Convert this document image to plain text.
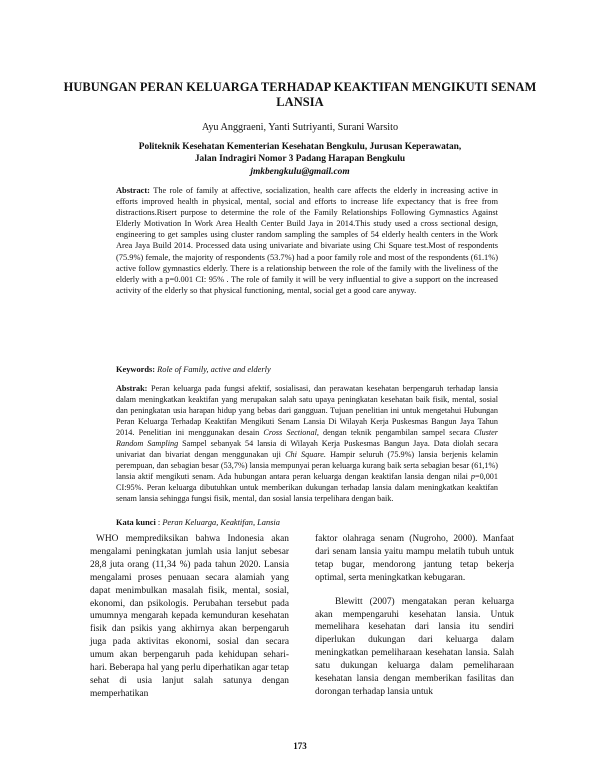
HUBUNGAN PERAN KELUARGA TERHADAP KEAKTIFAN MENGIKUTI SENAM LANSIA
Ayu Anggraeni, Yanti Sutriyanti, Surani Warsito
Politeknik Kesehatan Kementerian Kesehatan Bengkulu, Jurusan Keperawatan,
Jalan Indragiri Nomor 3 Padang Harapan Bengkulu
jmkbengkulu@gmail.com

Abstract: The role of family at affective, socialization, health care affects the elderly in increasing active in efforts improved health in physical, mental, social and efforts to increase life expectancy that is free from distractions.Risert purpose to determine the role of the Family Relationships Following Gymnastics Against Elderly Motivation In Work Area Health Center Build Jaya in 2014.This study used a cross sectional design, engineering to get samples using cluster random sampling the samples of 54 elderly health centers in the Work Area Jaya Build 2014. Processed data using univariate and bivariate using Chi Square test.Most of respondents (75.9%) female, the majority of respondents (53.7%) had a poor family role and most of the respondents (61.1%) active follow gymnastics elderly. There is a relationship between the role of the family with the liveliness of the elderly with a p=0.001 CI: 95% . The role of family it will be very influential to give a support on the increased activity of the elderly so that physical functioning, mental, social get a good care anyway.

Keywords: Role of Family, active and elderly

Abstrak: Peran keluarga pada fungsi afektif, sosialisasi, dan perawatan kesehatan berpengaruh terhadap lansia dalam meningkatkan keaktifan yang merupakan salah satu upaya peningkatan kesehatan baik fisik, mental, sosial dan peningkatan usia harapan hidup yang bebas dari gangguan. Tujuan penelitian ini untuk mengetahui Hubungan Peran Keluarga Terhadap Keaktifan Mengikuti Senam Lansia Di Wilayah Kerja Puskesmas Bangun Jaya Tahun 2014. Penelitian ini menggunakan desain Cross Sectional, dengan teknik pengambilan sampel secara Cluster Random Sampling Sampel sebanyak 54 lansia di Wilayah Kerja Puskesmas Bangun Jaya. Data diolah secara univariat dan bivariat dengan menggunakan uji Chi Square. Hampir seluruh (75.9%) lansia berjenis kelamin perempuan, dan sebagian besar (53,7%) lansia mempunyai peran keluarga kurang baik serta sebagian besar (61,1%) lansia aktif mengikuti senam. Ada hubungan antara peran keluarga dengan keaktifan lansia dengan nilai p=0,001 CI:95%. Peran keluarga dibutuhkan untuk memberikan dukungan terhadap lansia dalam meningkatkan keaktifan senam lansia sehingga fungsi fisik, mental, dan sosial lansia terpelihara dengan baik.

Kata kunci : Peran Keluarga, Keaktifan, Lansia

WHO memprediksikan bahwa Indonesia akan mengalami peningkatan jumlah usia lanjut sebesar 28,8 juta orang (11,34 %) pada tahun 2020. Lansia mengalami proses penuaan secara alamiah yang dapat menimbulkan masalah fisik, mental, sosial, ekonomi, dan psikologis. Perubahan tersebut pada umumnya mengarah kepada kemunduran kesehatan fisik dan psikis yang akhirnya akan berpengaruh juga pada aktivitas ekonomi, sosial dan secara umum akan berpengaruh pada kehidupan sehari-hari. Beberapa hal yang perlu diperhatikan agar tetap sehat di usia lanjut salah satunya dengan memperhatikan

faktor olahraga senam (Nugroho, 2000). Manfaat dari senam lansia yaitu mampu melatih tubuh untuk tetap bugar, mendorong jantung tetap bekerja optimal, serta meningkatkan kebugaran.

Blewitt (2007) mengatakan peran keluarga akan mempengaruhi kesehatan lansia. Untuk memelihara kesehatan dari lansia itu sendiri diperlukan dukungan dari keluarga dalam meningkatkan pemeliharaan kesehatan lansia. Salah satu dukungan keluarga dalam pemeliharaan kesehatan lansia dengan memberikan fasilitas dan dorongan terhadap lansia untuk

173
